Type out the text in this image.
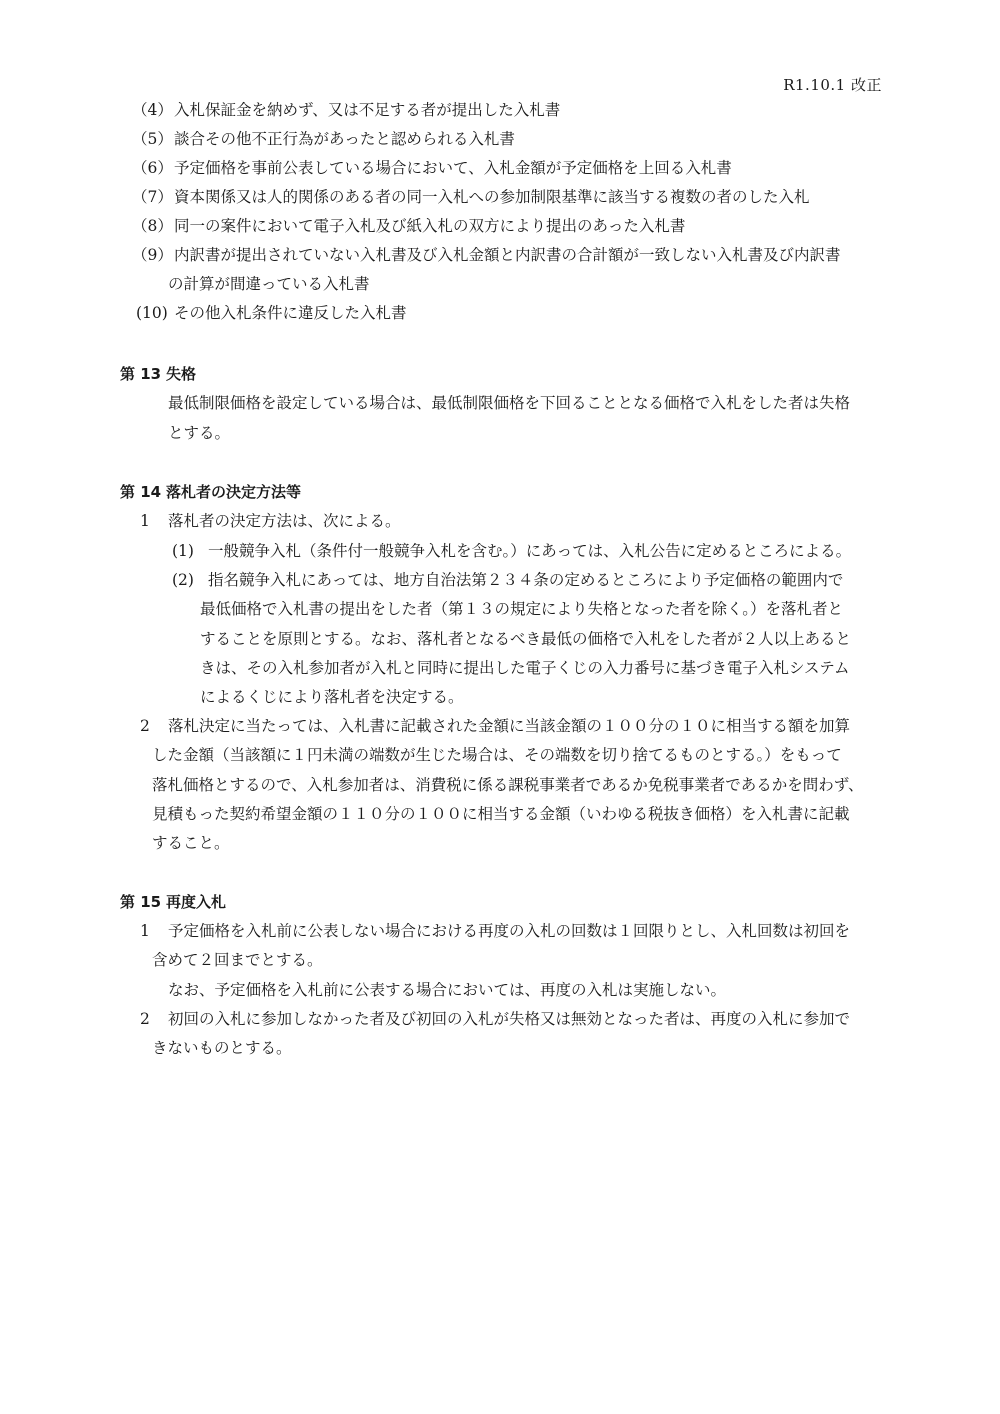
R1.10.1 改正
（4）入札保証金を納めず、又は不足する者が提出した入札書
（5）談合その他不正行為があったと認められる入札書
（6）予定価格を事前公表している場合において、入札金額が予定価格を上回る入札書
（7）資本関係又は人的関係のある者の同一入札への参加制限基準に該当する複数の者のした入札
（8）同一の案件において電子入札及び紙入札の双方により提出のあった入札書
（9）内訳書が提出されていない入札書及び入札金額と内訳書の合計額が一致しない入札書及び内訳書
の計算が間違っている入札書
(10) その他入札条件に違反した入札書
第 13 失格
最低制限価格を設定している場合は、最低制限価格を下回ることとなる価格で入札をした者は失格
とする。
第 14 落札者の決定方法等
1 落札者の決定方法は、次による。
(1) 一般競争入札（条件付一般競争入札を含む。）にあっては、入札公告に定めるところによる。
(2) 指名競争入札にあっては、地方自治法第２３４条の定めるところにより予定価格の範囲内で
最低価格で入札書の提出をした者（第１３の規定により失格となった者を除く。）を落札者と
することを原則とする。なお、落札者となるべき最低の価格で入札をした者が２人以上あると
きは、その入札参加者が入札と同時に提出した電子くじの入力番号に基づき電子入札システム
によるくじにより落札者を決定する。
2 落札決定に当たっては、入札書に記載された金額に当該金額の１００分の１０に相当する額を加算
した金額（当該額に１円未満の端数が生じた場合は、その端数を切り捨てるものとする。）をもって
落札価格とするので、入札参加者は、消費税に係る課税事業者であるか免税事業者であるかを問わず、
見積もった契約希望金額の１１０分の１００に相当する金額（いわゆる税抜き価格）を入札書に記載
すること。
第 15 再度入札
1 予定価格を入札前に公表しない場合における再度の入札の回数は１回限りとし、入札回数は初回を
含めて２回までとする。
なお、予定価格を入札前に公表する場合においては、再度の入札は実施しない。
2 初回の入札に参加しなかった者及び初回の入札が失格又は無効となった者は、再度の入札に参加で
きないものとする。
